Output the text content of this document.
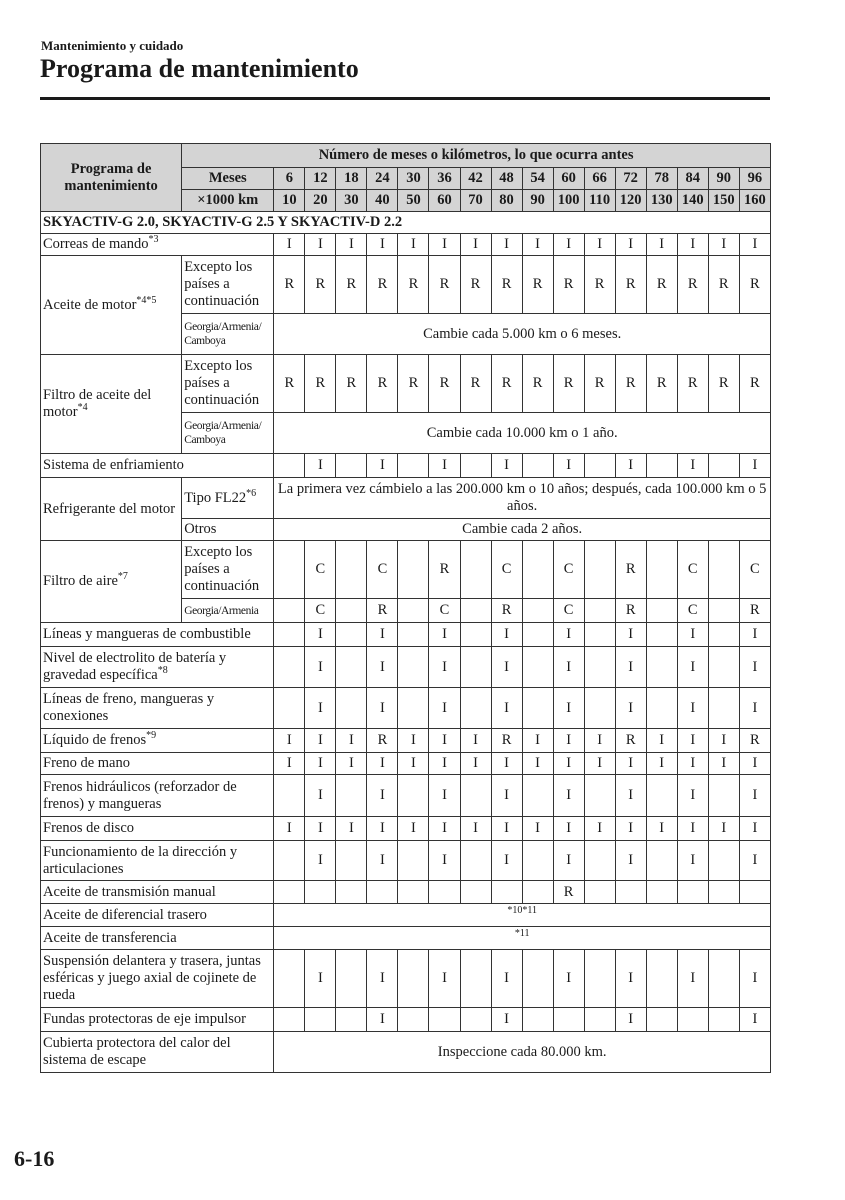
Mantenimiento y cuidado
Programa de mantenimiento
Programa de mantenimiento	Número de meses o kilómetros, lo que ocurra antes																
	Meses	6	12	18	24	30	36	42	48	54	60	66	72	78	84	90	96
	×1000 km	10	20	30	40	50	60	70	80	90	100	110	120	130	140	150	160
SKYACTIV-G 2.0, SKYACTIV-G 2.5 Y SKYACTIV-D 2.2																	
Correas de mando$^{*3}$		I	I	I	I	I	I	I	I	I	I	I	I	I	I	I	I
Aceite de motor$^{*4*5}$	Excepto los países a continuación	R	R	R	R	R	R	R	R	R	R	R	R	R	R	R	R
	Georgia/Armenia/ Camboya	Cambie cada 5.000 km o 6 meses.															
Filtro de aceite del motor$^{*4}$	Excepto los países a continuación	R	R	R	R	R	R	R	R	R	R	R	R	R	R	R	R
	Georgia/Armenia/ Camboya	Cambie cada 10.000 km o 1 año.															
Sistema de enfriamiento			I		I		I		I		I		I		I		I
Refrigerante del motor	Tipo FL22$^{*6}$	La primera vez cámbielo a las 200.000 km o 10 años; después, cada 100.000 km o 5 años.															
	Otros	Cambie cada 2 años.															
Filtro de aire$^{*7}$	Excepto los países a continuación		C		C		R		C		C		R		C		C
	Georgia/Armenia		C		R		C		R		C		R		C		R
Líneas y mangueras de combustible			I		I		I		I		I		I		I		I
Nivel de electrolito de batería y gravedad específica$^{*8}$			I		I		I		I		I		I		I		I
Líneas de freno, mangueras y conexiones			I		I		I		I		I		I		I		I
Líquido de frenos$^{*9}$		I	I	I	R	I	I	I	R	I	I	I	R	I	I	I	R
Freno de mano		I	I	I	I	I	I	I	I	I	I	I	I	I	I	I	I
Frenos hidráulicos (reforzador de frenos) y mangueras			I		I		I		I		I		I		I		I
Frenos de disco		I	I	I	I	I	I	I	I	I	I	I	I	I	I	I	I
Funcionamiento de la dirección y articulaciones			I		I		I		I		I		I		I		I
Aceite de transmisión manual											R						
Aceite de diferencial trasero		*10*11															
Aceite de transferencia		*11															
Suspensión delantera y trasera, juntas esféricas y juego axial de cojinete de rueda			I		I		I		I		I		I		I		I
Fundas protectoras de eje impulsor					I				I				I				I
Cubierta protectora del calor del sistema de escape		Inspeccione cada 80.000 km.															
6-16
